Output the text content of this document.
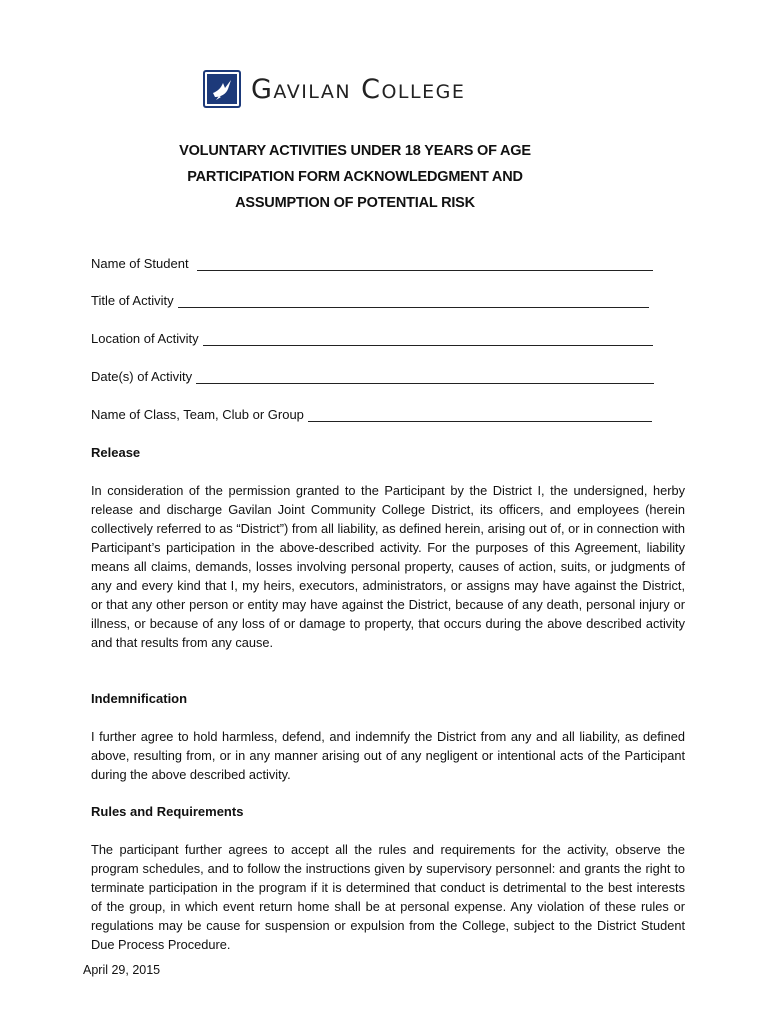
Gavilan College
VOLUNTARY ACTIVITIES UNDER 18 YEARS OF AGE
PARTICIPATION FORM ACKNOWLEDGMENT AND
ASSUMPTION OF POTENTIAL RISK
Name of Student
Title of Activity
Location of Activity
Date(s) of Activity
Name of Class, Team, Club or Group
Release
In consideration of the permission granted to the Participant by the District I, the undersigned, herby release and discharge Gavilan Joint Community College District, its officers, and employees (herein collectively referred to as “District”) from all liability, as defined herein, arising out of, or in connection with Participant’s participation in the above-described activity. For the purposes of this Agreement, liability means all claims, demands, losses involving personal property, causes of action, suits, or judgments of any and every kind that I, my heirs, executors, administrators, or assigns may have against the District, or that any other person or entity may have against the District, because of any death, personal injury or illness, or because of any loss of or damage to property, that occurs during the above described activity and that results from any cause.
Indemnification
I further agree to hold harmless, defend, and indemnify the District from any and all liability, as defined above, resulting from, or in any manner arising out of any negligent or intentional acts of the Participant during the above described activity.
Rules and Requirements
The participant further agrees to accept all the rules and requirements for the activity, observe the program schedules, and to follow the instructions given by supervisory personnel: and grants the right to terminate participation in the program if it is determined that conduct is detrimental to the best interests of the group, in which event return home shall be at personal expense. Any violation of these rules or regulations may be cause for suspension or expulsion from the College, subject to the District Student Due Process Procedure.
April 29, 2015
